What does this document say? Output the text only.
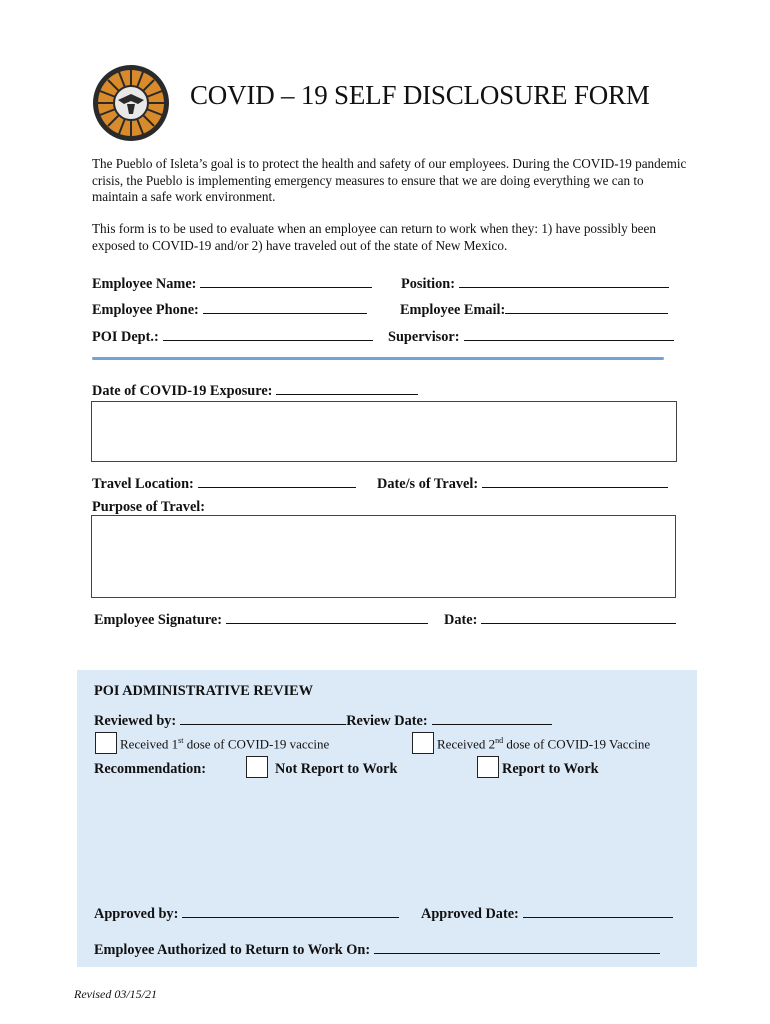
COVID – 19 SELF DISCLOSURE FORM
The Pueblo of Isleta’s goal is to protect the health and safety of our employees. During the COVID-19 pandemic crisis, the Pueblo is implementing emergency measures to ensure that we are doing everything we can to maintain a safe work environment.
This form is to be used to evaluate when an employee can return to work when they: 1) have possibly been exposed to COVID-19 and/or 2) have traveled out of the state of New Mexico.
Employee Name:	Position:
Employee Phone:	Employee Email:
POI Dept.:	Supervisor:
Date of COVID-19 Exposure:
Travel Location:	Date/s of Travel:
Purpose of Travel:
Employee Signature:	Date:
POI ADMINISTRATIVE REVIEW
Reviewed by:	Review Date:
Received 1st dose of COVID-19 vaccine	Received 2nd dose of COVID-19 Vaccine
Recommendation:	Not Report to Work	Report to Work
Approved by:	Approved Date:
Employee Authorized to Return to Work On:
Revised 03/15/21
